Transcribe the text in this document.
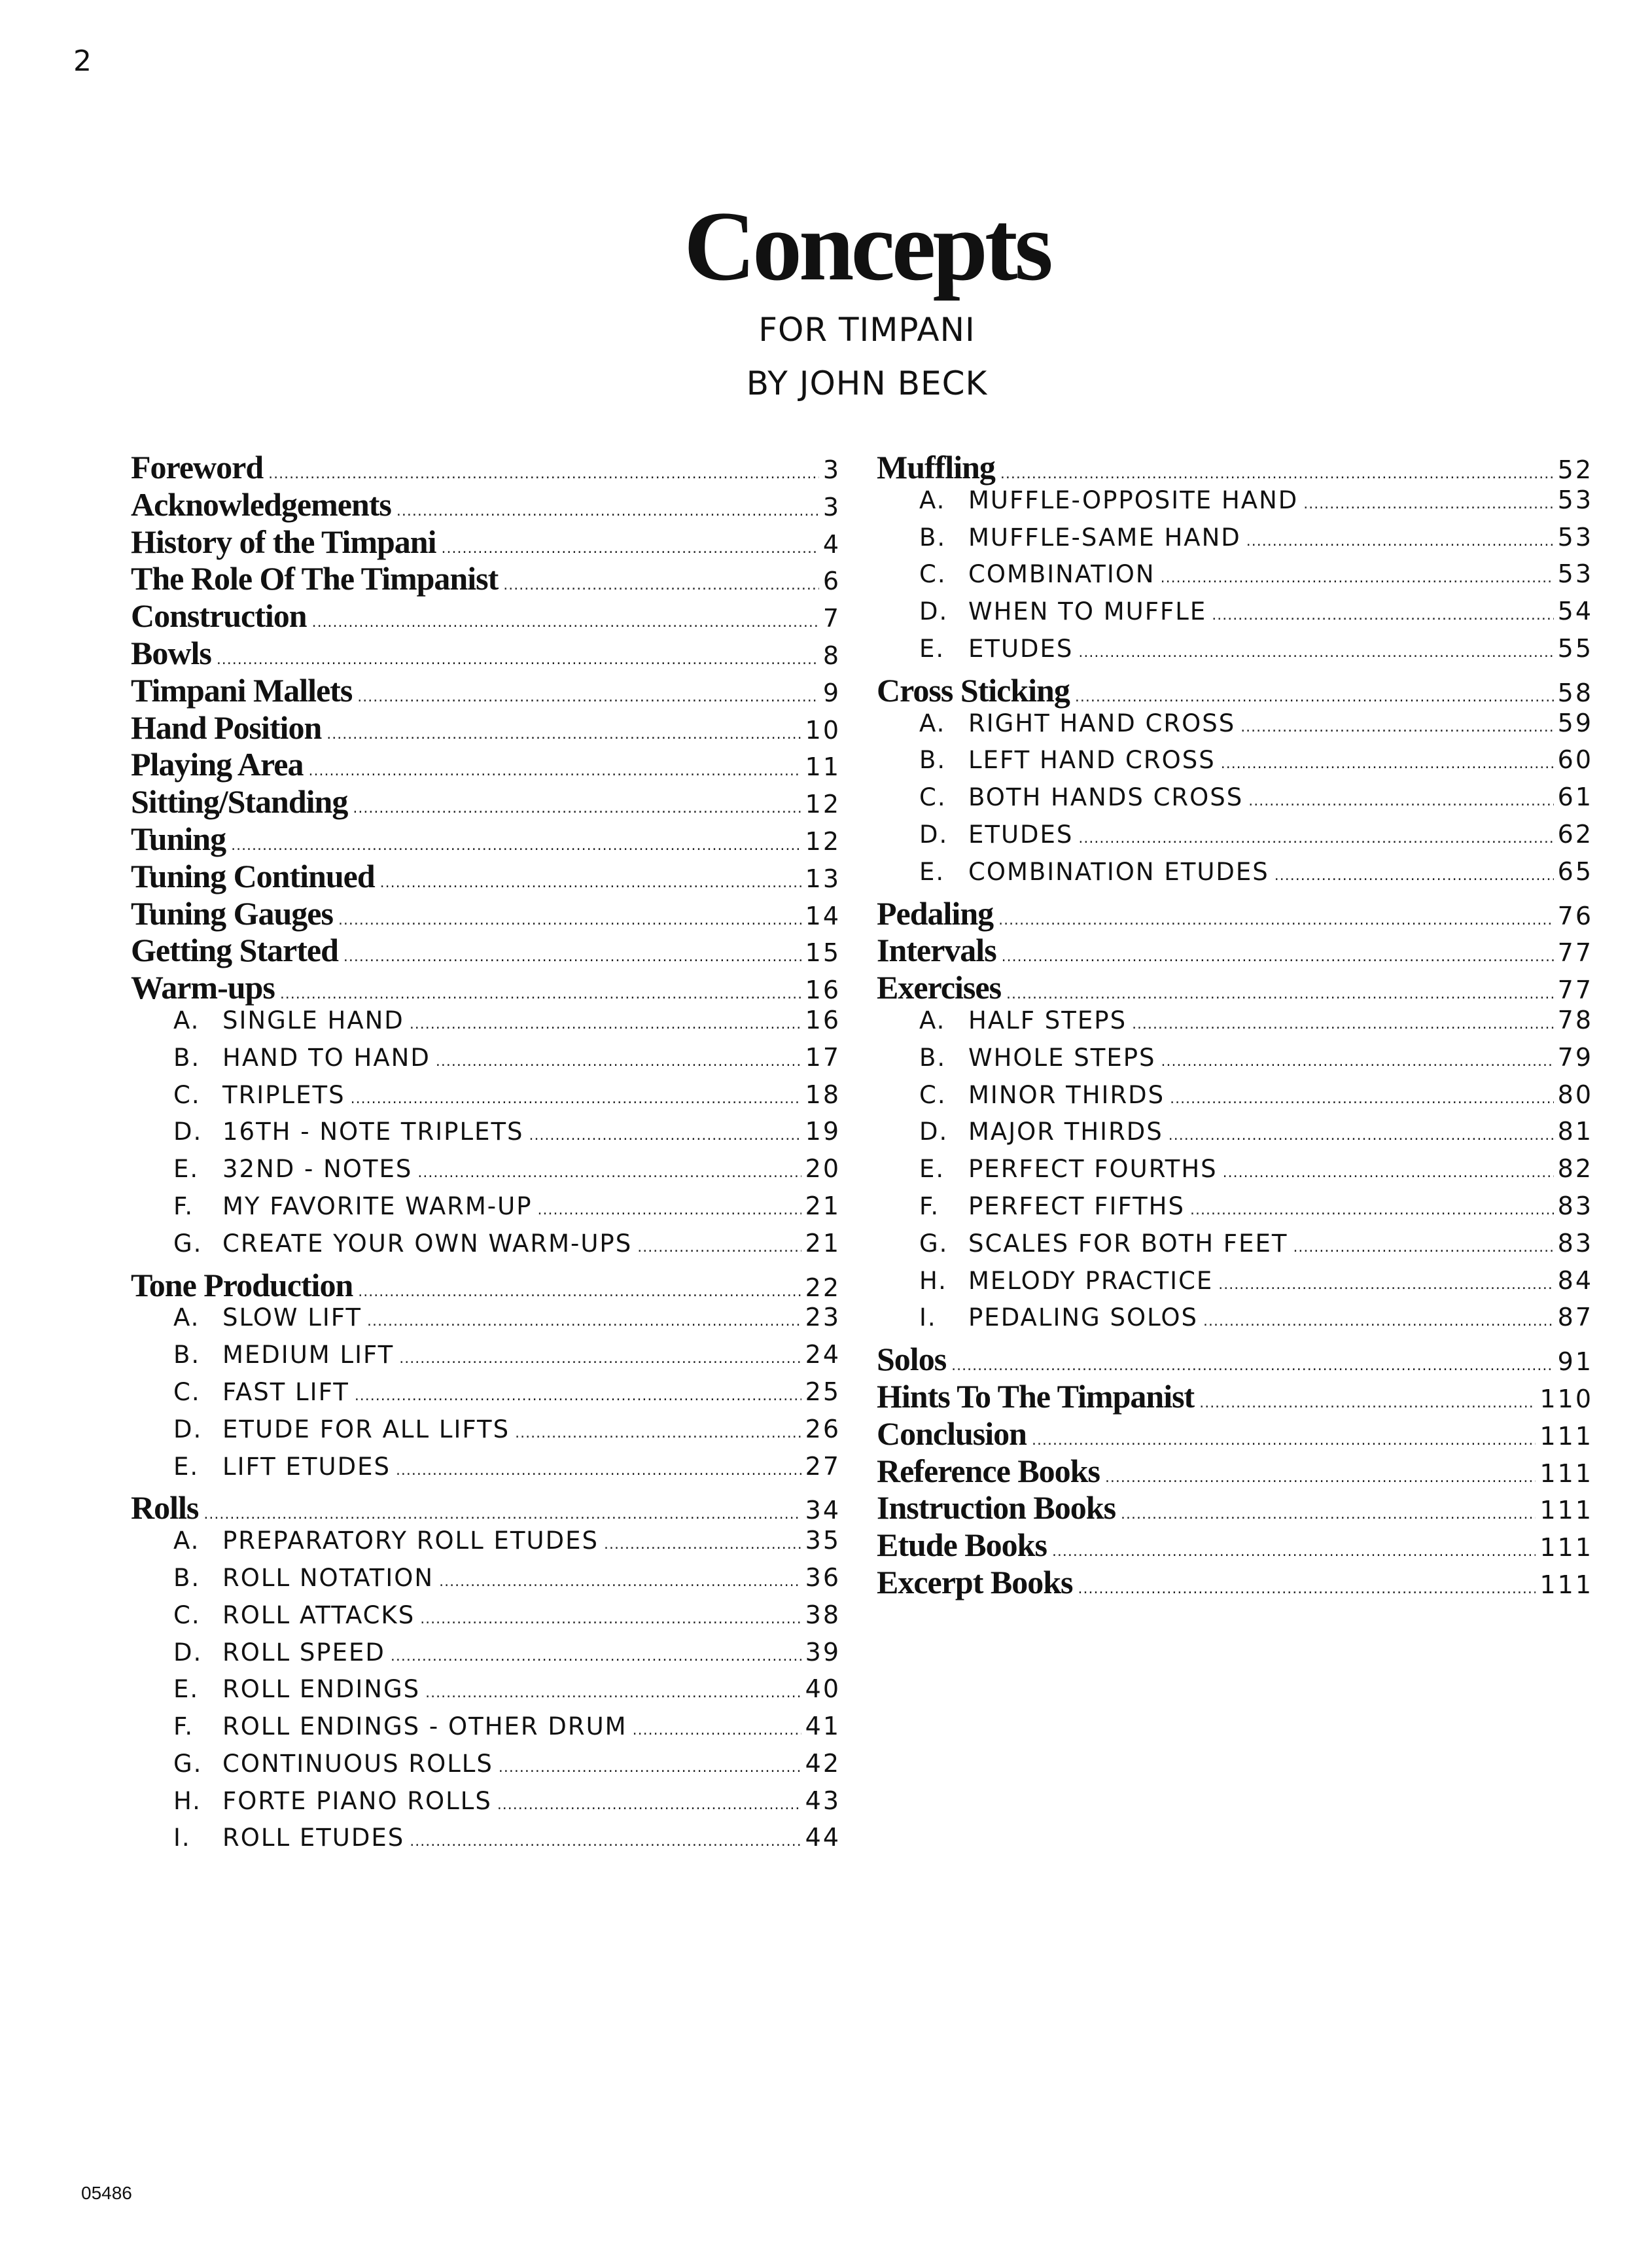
2
Concepts
FOR TIMPANI
BY JOHN BECK
Foreword .....	3
Acknowledgements .....	3
History of the Timpani .....	4
The Role Of The Timpanist .....	6
Construction .....	7
Bowls .....	8
Timpani Mallets .....	9
Hand Position .....	10
Playing Area .....	11
Sitting/Standing .....	12
Tuning .....	12
Tuning Continued .....	13
Tuning Gauges .....	14
Getting Started .....	15
Warm-ups .....	16
A. SINGLE HAND .....	16
B. HAND TO HAND .....	17
C. TRIPLETS .....	18
D. 16TH - NOTE TRIPLETS .....	19
E. 32ND - NOTES .....	20
F.	MY FAVORITE WARM-UP .....	21
G. CREATE YOUR OWN WARM-UPS .....	21
Tone Production .....	22
A. SLOW LIFT .....	23
B. MEDIUM LIFT .....	24
C. FAST LIFT .....	25
D. ETUDE FOR ALL LIFTS .....	26
E. LIFT ETUDES .....	27
Rolls .....	34
A. PREPARATORY ROLL ETUDES .....	35
B. ROLL NOTATION .....	36
C. ROLL ATTACKS .....	38
D. ROLL SPEED .....	39
E. ROLL ENDINGS .....	40
F.	ROLL ENDINGS - OTHER DRUM .....	41
G. CONTINUOUS ROLLS .....	42
H. FORTE PIANO ROLLS .....	43
I.	ROLL ETUDES .....	44
Muffling .....	52
A. MUFFLE-OPPOSITE HAND .....	53
B. MUFFLE-SAME HAND .....	53
C. COMBINATION .....	53
D. WHEN TO MUFFLE .....	54
E. ETUDES .....	55
Cross Sticking .....	58
A. RIGHT HAND CROSS .....	59
B. LEFT HAND CROSS .....	60
C. BOTH HANDS CROSS .....	61
D. ETUDES .....	62
E. COMBINATION ETUDES .....	65
Pedaling .....	76
Intervals .....	77
Exercises .....	77
A. HALF STEPS .....	78
B. WHOLE STEPS .....	79
C. MINOR THIRDS .....	80
D. MAJOR THIRDS .....	81
E. PERFECT FOURTHS .....	82
F.	PERFECT FIFTHS .....	83
G. SCALES FOR BOTH FEET .....	83
H. MELODY PRACTICE .....	84
I.	PEDALING SOLOS .....	87
Solos .....	91
Hints To The Timpanist .....	110
Conclusion .....	111
Reference Books .....	111
Instruction Books .....	111
Etude Books .....	111
Excerpt Books .....	111
05486
